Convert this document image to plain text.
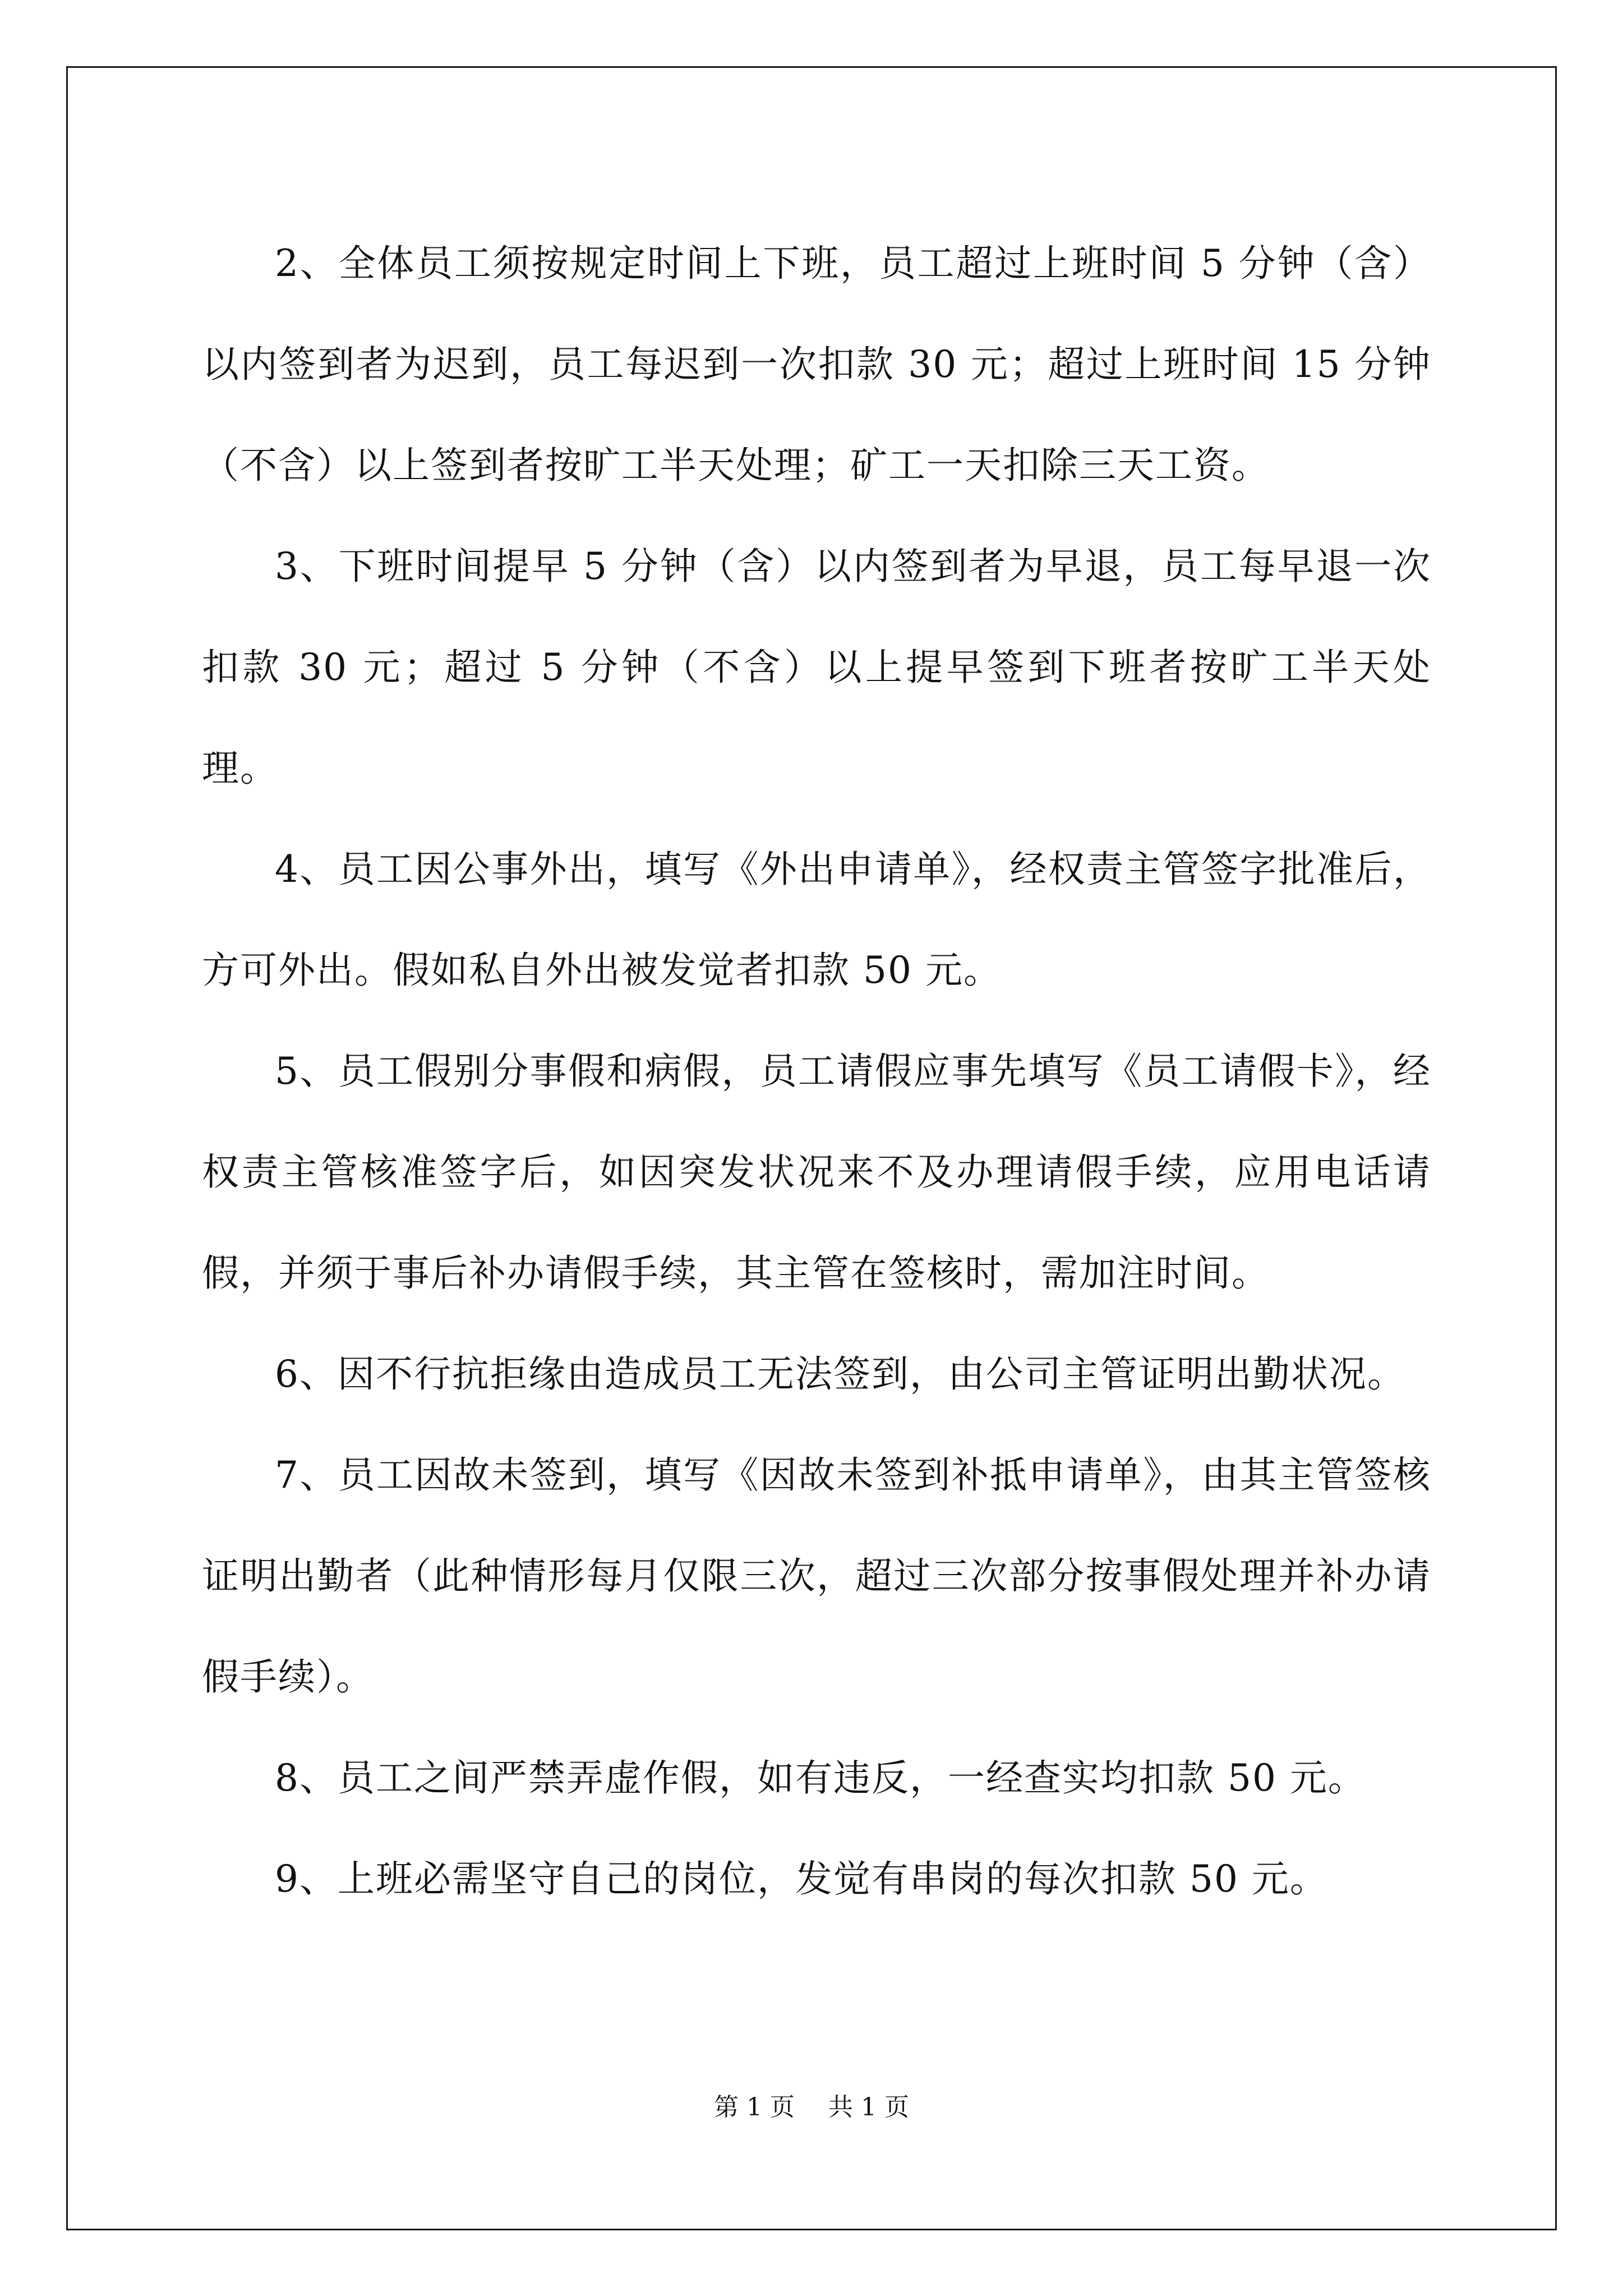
2、全体员工须按规定时间上下班，员工超过上班时间 5 分钟（含）以内签到者为迟到，员工每迟到一次扣款 30 元；超过上班时间 15 分钟（不含）以上签到者按旷工半天处理；矿工一天扣除三天工资。

3、下班时间提早 5 分钟（含）以内签到者为早退，员工每早退一次扣款 30 元；超过 5 分钟（不含）以上提早签到下班者按旷工半天处理。

4、员工因公事外出，填写《外出申请单》，经权责主管签字批准后，方可外出。假如私自外出被发觉者扣款 50 元。

5、员工假别分事假和病假，员工请假应事先填写《员工请假卡》，经权责主管核准签字后，如因突发状况来不及办理请假手续，应用电话请假，并须于事后补办请假手续，其主管在签核时，需加注时间。

6、因不行抗拒缘由造成员工无法签到，由公司主管证明出勤状况。

7、员工因故未签到，填写《因故未签到补抵申请单》，由其主管签核证明出勤者（此种情形每月仅限三次，超过三次部分按事假处理并补办请假手续）。

8、员工之间严禁弄虚作假，如有违反，一经查实均扣款 50 元。

9、上班必需坚守自己的岗位，发觉有串岗的每次扣款 50 元。

第 1 页 共 1 页
